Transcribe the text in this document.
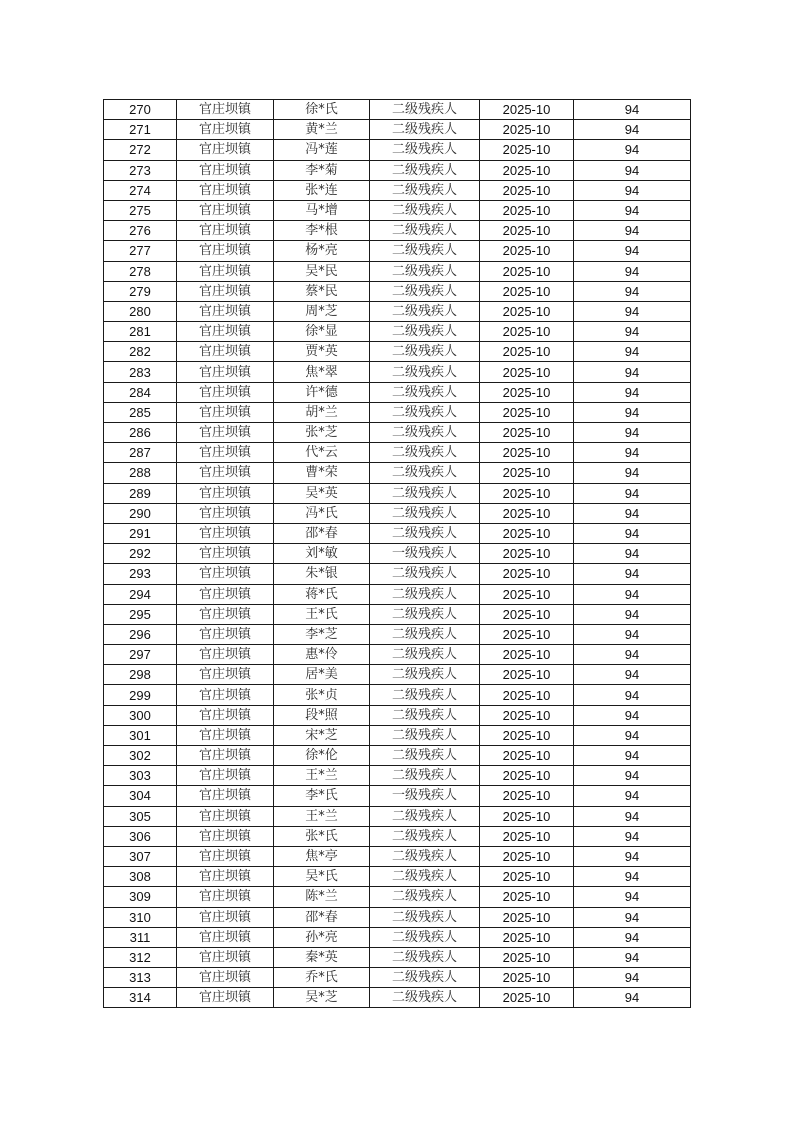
270	官庄坝镇	徐*氏	二级残疾人	2025-10	94
271	官庄坝镇	黄*兰	二级残疾人	2025-10	94
272	官庄坝镇	冯*莲	二级残疾人	2025-10	94
273	官庄坝镇	李*菊	二级残疾人	2025-10	94
274	官庄坝镇	张*连	二级残疾人	2025-10	94
275	官庄坝镇	马*增	二级残疾人	2025-10	94
276	官庄坝镇	李*根	二级残疾人	2025-10	94
277	官庄坝镇	杨*亮	二级残疾人	2025-10	94
278	官庄坝镇	吴*民	二级残疾人	2025-10	94
279	官庄坝镇	蔡*民	二级残疾人	2025-10	94
280	官庄坝镇	周*芝	二级残疾人	2025-10	94
281	官庄坝镇	徐*显	二级残疾人	2025-10	94
282	官庄坝镇	贾*英	二级残疾人	2025-10	94
283	官庄坝镇	焦*翠	二级残疾人	2025-10	94
284	官庄坝镇	许*德	二级残疾人	2025-10	94
285	官庄坝镇	胡*兰	二级残疾人	2025-10	94
286	官庄坝镇	张*芝	二级残疾人	2025-10	94
287	官庄坝镇	代*云	二级残疾人	2025-10	94
288	官庄坝镇	曹*荣	二级残疾人	2025-10	94
289	官庄坝镇	吴*英	二级残疾人	2025-10	94
290	官庄坝镇	冯*氏	二级残疾人	2025-10	94
291	官庄坝镇	邵*春	二级残疾人	2025-10	94
292	官庄坝镇	刘*敏	一级残疾人	2025-10	94
293	官庄坝镇	朱*银	二级残疾人	2025-10	94
294	官庄坝镇	蒋*氏	二级残疾人	2025-10	94
295	官庄坝镇	王*氏	二级残疾人	2025-10	94
296	官庄坝镇	李*芝	二级残疾人	2025-10	94
297	官庄坝镇	惠*伶	二级残疾人	2025-10	94
298	官庄坝镇	居*美	二级残疾人	2025-10	94
299	官庄坝镇	张*贞	二级残疾人	2025-10	94
300	官庄坝镇	段*照	二级残疾人	2025-10	94
301	官庄坝镇	宋*芝	二级残疾人	2025-10	94
302	官庄坝镇	徐*伦	二级残疾人	2025-10	94
303	官庄坝镇	王*兰	二级残疾人	2025-10	94
304	官庄坝镇	李*氏	一级残疾人	2025-10	94
305	官庄坝镇	王*兰	二级残疾人	2025-10	94
306	官庄坝镇	张*氏	二级残疾人	2025-10	94
307	官庄坝镇	焦*亭	二级残疾人	2025-10	94
308	官庄坝镇	吴*氏	二级残疾人	2025-10	94
309	官庄坝镇	陈*兰	二级残疾人	2025-10	94
310	官庄坝镇	邵*春	二级残疾人	2025-10	94
311	官庄坝镇	孙*亮	二级残疾人	2025-10	94
312	官庄坝镇	秦*英	二级残疾人	2025-10	94
313	官庄坝镇	乔*氏	二级残疾人	2025-10	94
314	官庄坝镇	吴*芝	二级残疾人	2025-10	94
